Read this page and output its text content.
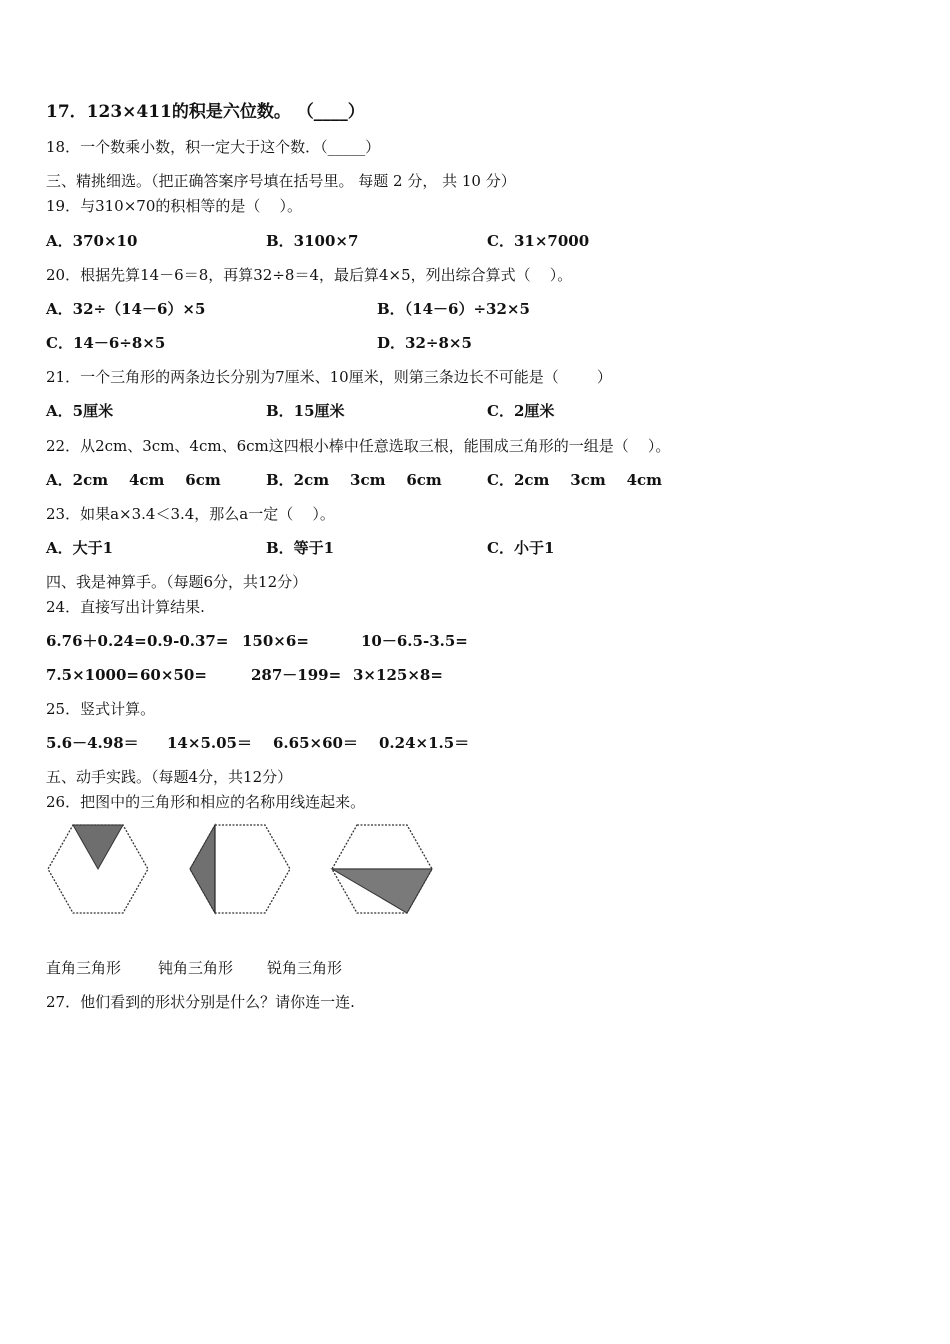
17．123×411的积是六位数。 （____）
18．一个数乘小数，积一定大于这个数．（_____）
三、精挑细选。（把正确答案序号填在括号里。 每题 2 分， 共 10 分）
19．与310×70的积相等的是（    ）。
A．370×10	B．3100×7	C．31×7000
20．根据先算14－6＝8，再算32÷8＝4，最后算4×5，列出综合算式（    ）。
A．32÷（14－6）×5	B．（14－6）÷32×5
C．14－6÷8×5	D．32÷8×5
21．一个三角形的两条边长分别为7厘米、10厘米，则第三条边长不可能是（        ）
A．5厘米	B．15厘米	C．2厘米
22．从2cm、3cm、4cm、6cm这四根小棒中任意选取三根，能围成三角形的一组是（    ）。
A．2cm    4cm    6cm	B．2cm    3cm    6cm	C．2cm    3cm    4cm
23．如果a×3.4＜3.4，那么a一定（    ）。
A．大于1	B．等于1	C．小于1
四、我是神算手。（每题6分，共12分）
24．直接写出计算结果.
6.76＋0.24= 0.9-0.37= 150×6=	10－6.5-3.5=
7.5×1000= 60×50=	287－199= 3×125×8=
25．竖式计算。
5.6－4.98＝ 14×5.05＝ 6.65×60＝ 0.24×1.5＝
五、动手实践。（每题4分，共12分）
26．把图中的三角形和相应的名称用线连起来。
直角三角形 钝角三角形 锐角三角形
27．他们看到的形状分别是什么？请你连一连.
